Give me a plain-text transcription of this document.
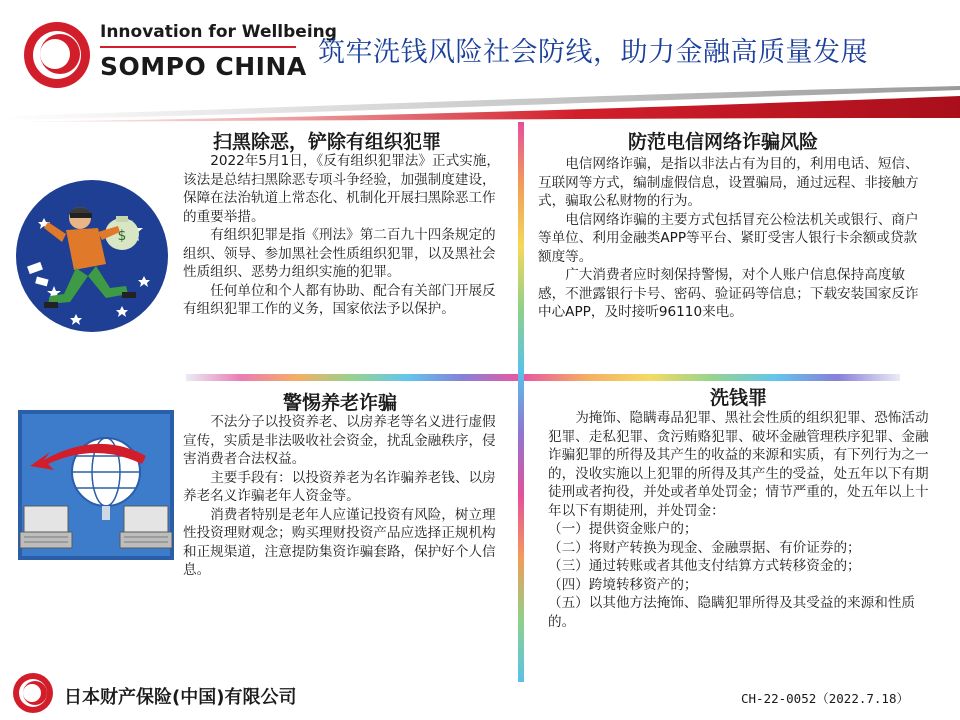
Innovation for Wellbeing
SOMPO CHINA 筑牢洗钱风险社会防线，助力金融高质量发展
扫黑除恶，铲除有组织犯罪

2022年5月1日，《反有组织犯罪法》正式实施，该法是总结扫黑除恶专项斗争经验，加强制度建设，保障在法治轨道上常态化、机制化开展扫黑除恶工作的重要举措。

有组织犯罪是指《刑法》第二百九十四条规定的组织、领导、参加黑社会性质组织犯罪，以及黑社会性质组织、恶势力组织实施的犯罪。

任何单位和个人都有协助、配合有关部门开展反有组织犯罪工作的义务，国家依法予以保护。

$
防范电信网络诈骗风险

电信网络诈骗，是指以非法占有为目的，利用电话、短信、互联网等方式，编制虚假信息，设置骗局，通过远程、非接触方式，骗取公私财物的行为。

电信网络诈骗的主要方式包括冒充公检法机关或银行、商户等单位、利用金融类APP等平台、紧盯受害人银行卡余额或贷款额度等。

广大消费者应时刻保持警惕，对个人账户信息保持高度敏感，不泄露银行卡号、密码、验证码等信息；下载安装国家反诈中心APP，及时接听96110来电。

警惕养老诈骗

不法分子以投资养老、以房养老等名义进行虚假宣传，实质是非法吸收社会资金，扰乱金融秩序，侵害消费者合法权益。

主要手段有：以投资养老为名诈骗养老钱、以房养老名义诈骗老年人资金等。

消费者特别是老年人应谨记投资有风险，树立理性投资理财观念；购买理财投资产品应选择正规机构和正规渠道，注意提防集资诈骗套路，保护好个人信息。

洗钱罪

为掩饰、隐瞒毒品犯罪、黑社会性质的组织犯罪、恐怖活动犯罪、走私犯罪、贪污贿赂犯罪、破坏金融管理秩序犯罪、金融诈骗犯罪的所得及其产生的收益的来源和实质，有下列行为之一的，没收实施以上犯罪的所得及其产生的受益，处五年以下有期徒刑或者拘役，并处或者单处罚金；情节严重的，处五年以上十年以下有期徒刑，并处罚金：

（一）提供资金账户的；

（二）将财产转换为现金、金融票据、有价证券的；

（三）通过转账或者其他支付结算方式转移资金的；

（四）跨境转移资产的；

（五）以其他方法掩饰、隐瞒犯罪所得及其受益的来源和性质的。

日本财产保险(中国)有限公司	CH-22-0052（2022.7.18）
